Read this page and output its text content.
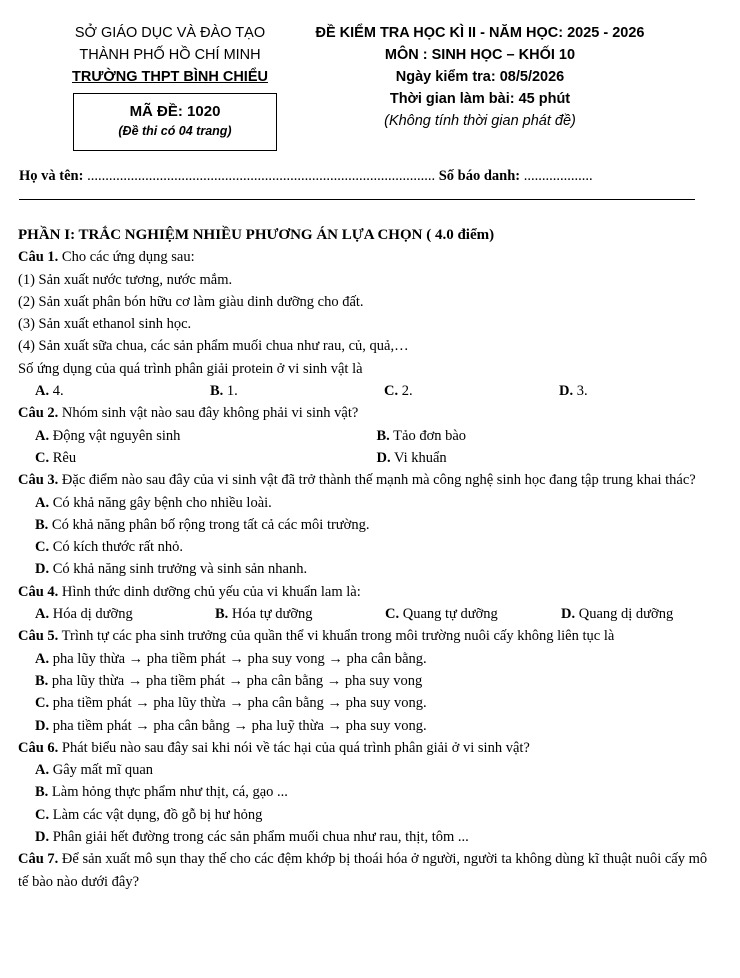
SỞ GIÁO DỤC VÀ ĐÀO TẠO
THÀNH PHỐ HỒ CHÍ MINH
TRƯỜNG THPT BÌNH CHIỂU
MÃ ĐỀ: 1020
(Đề thi có 04 trang)
ĐỀ KIỂM TRA HỌC KÌ II - NĂM HỌC: 2025 - 2026
MÔN : SINH HỌC – KHỐI 10
Ngày kiểm tra: 08/5/2026
Thời gian làm bài: 45 phút
(Không tính thời gian phát đề)
Họ và tên: ................................................................................................ Số báo danh: ...................
PHẦN I: TRẮC NGHIỆM NHIỀU PHƯƠNG ÁN LỰA CHỌN ( 4.0 điểm)
Câu 1. Cho các ứng dụng sau:
(1) Sản xuất nước tương, nước mắm.
(2) Sản xuất phân bón hữu cơ làm giàu dinh dưỡng cho đất.
(3) Sản xuất ethanol sinh học.
(4) Sản xuất sữa chua, các sản phẩm muối chua như rau, củ, quả,…
Số ứng dụng của quá trình phân giải protein ở vi sinh vật là
A. 4.	B. 1.	C. 2.	D. 3.
Câu 2. Nhóm sinh vật nào sau đây không phải vi sinh vật?
A. Động vật nguyên sinh	B. Tảo đơn bào
C. Rêu	D. Vi khuẩn
Câu 3. Đặc điểm nào sau đây của vi sinh vật đã trở thành thế mạnh mà công nghệ sinh học đang tập trung khai thác?
A. Có khả năng gây bệnh cho nhiều loài.
B. Có khả năng phân bố rộng trong tất cả các môi trường.
C. Có kích thước rất nhỏ.
D. Có khả năng sinh trưởng và sinh sản nhanh.
Câu 4. Hình thức dinh dưỡng chủ yếu của vi khuẩn lam là:
A. Hóa dị dưỡng	B. Hóa tự dưỡng	C. Quang tự dưỡng	D. Quang dị dưỡng
Câu 5. Trình tự các pha sinh trưởng của quần thể vi khuẩn trong môi trường nuôi cấy không liên tục là
A. pha lũy thừa → pha tiềm phát → pha suy vong → pha cân bằng.
B. pha lũy thừa → pha tiềm phát → pha cân bằng → pha suy vong
C. pha tiềm phát → pha lũy thừa → pha cân bằng → pha suy vong.
D. pha tiềm phát → pha cân bằng → pha luỹ thừa → pha suy vong.
Câu 6. Phát biểu nào sau đây sai khi nói về tác hại của quá trình phân giải ở vi sinh vật?
A. Gây mất mĩ quan
B. Làm hỏng thực phẩm như thịt, cá, gạo ...
C. Làm các vật dụng, đồ gỗ bị hư hỏng
D. Phân giải hết đường trong các sản phẩm muối chua như rau, thịt, tôm ...
Câu 7. Để sản xuất mô sụn thay thế cho các đệm khớp bị thoái hóa ở người, người ta không dùng kĩ thuật nuôi cấy mô tế bào nào dưới đây?
